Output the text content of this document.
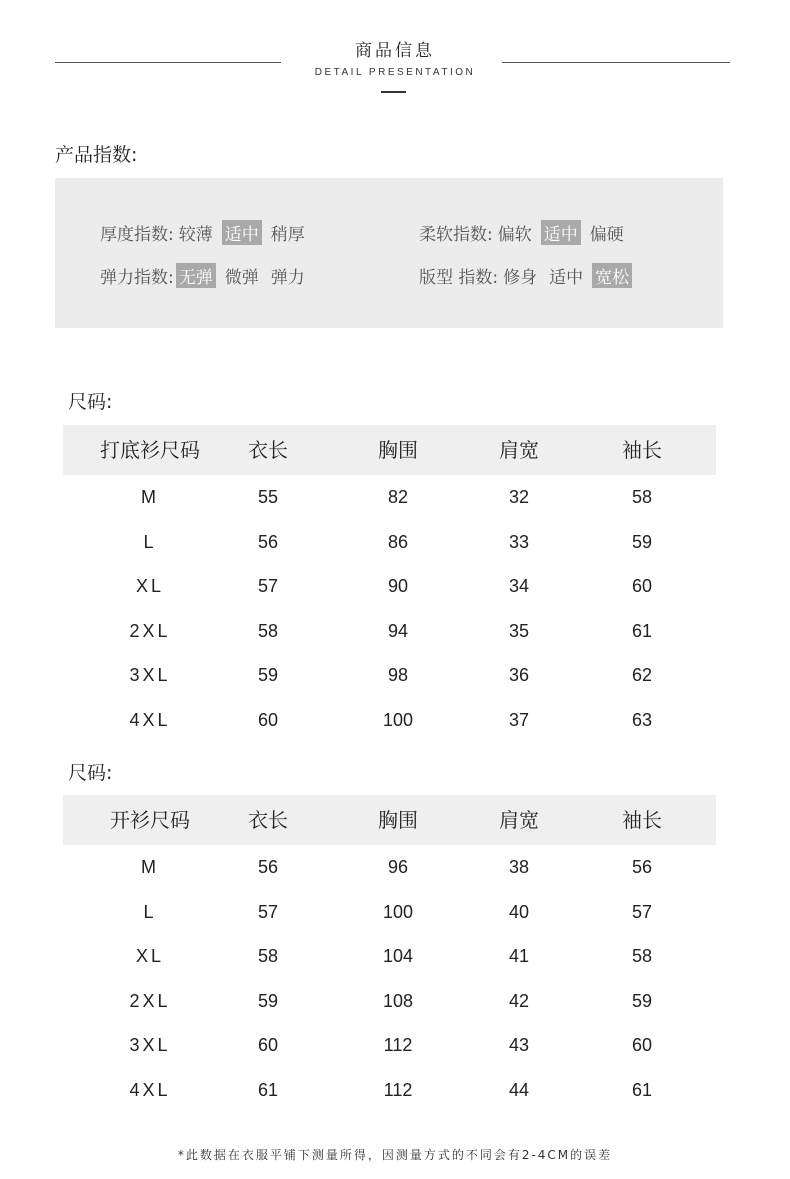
商品信息
DETAIL PRESENTATION
产品指数:
厚度指数: 较薄 适中 稍厚	柔软指数: 偏软 适中 偏硬
弹力指数: 无弹 微弹 弹力	版型 指数: 修身 适中 宽松
尺码:
打底衫尺码	衣长	胸围	肩宽	袖长
M	55	82	32	58
L	56	86	33	59
XL	57	90	34	60
2XL	58	94	35	61
3XL	59	98	36	62
4XL	60	100	37	63
尺码:
开衫尺码	衣长	胸围	肩宽	袖长
M	56	96	38	56
L	57	100	40	57
XL	58	104	41	58
2XL	59	108	42	59
3XL	60	112	43	60
4XL	61	112	44	61
*此数据在衣服平铺下测量所得，因测量方式的不同会有2-4CM的误差
